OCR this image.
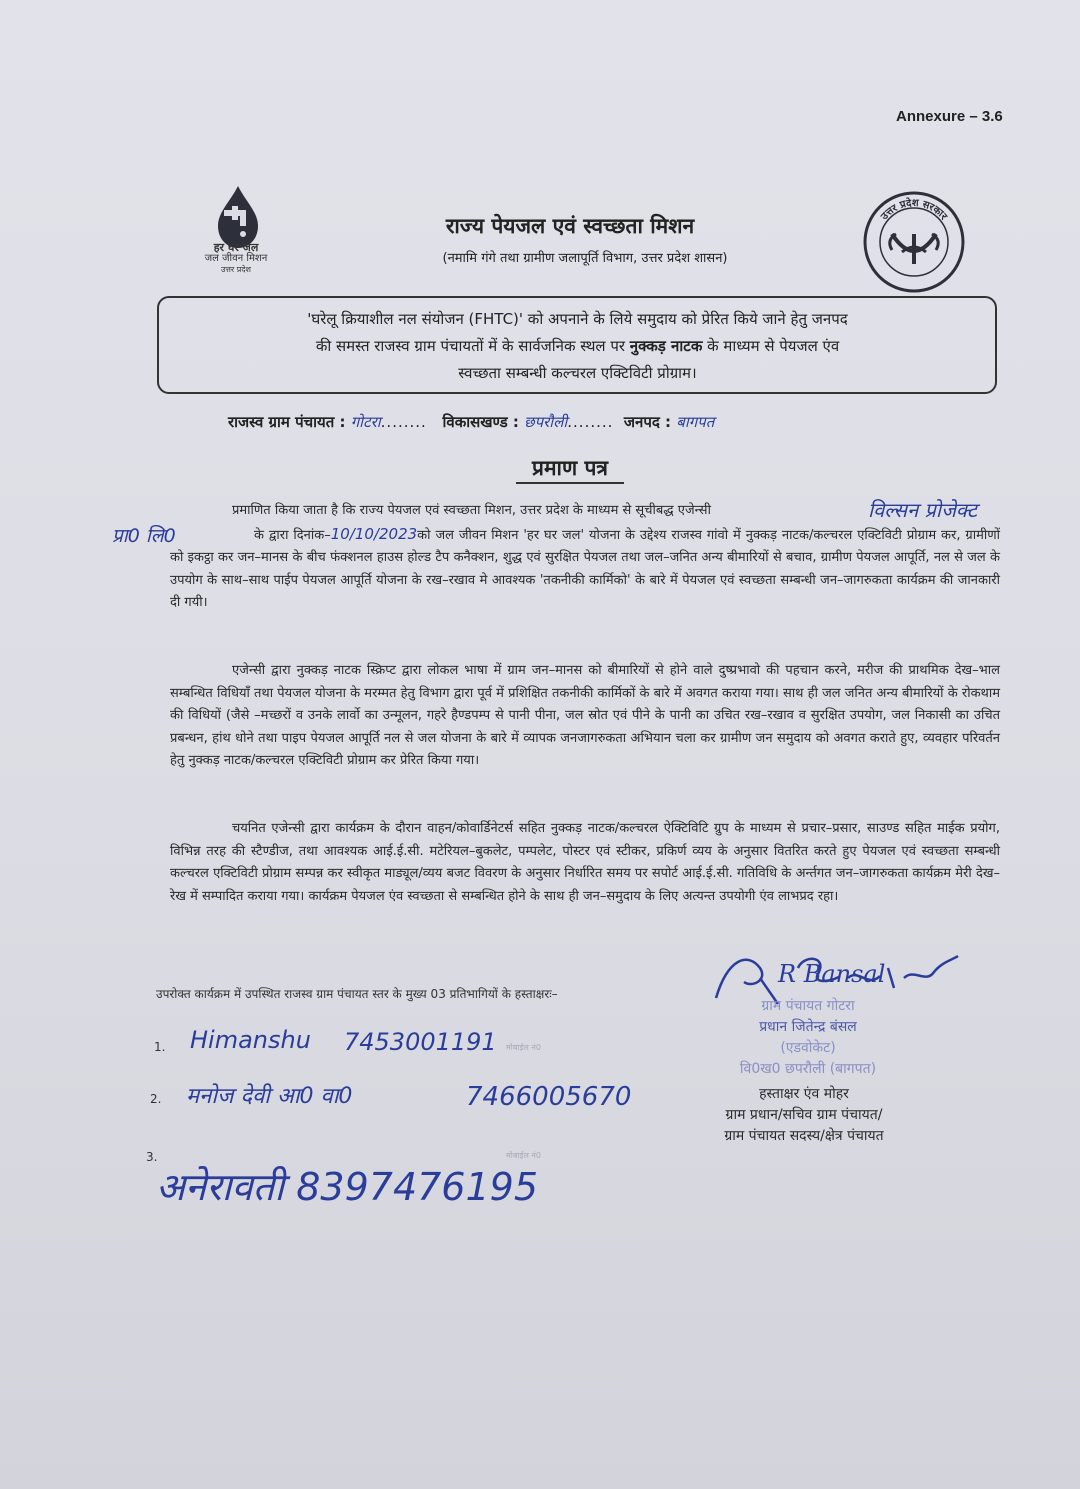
Annexure – 3.6
हर घर जल
जल जीवन मिशन
उत्तर प्रदेश
राज्य पेयजल एवं स्वच्छता मिशन
(नमामि गंगे तथा ग्रामीण जलापूर्ति विभाग, उत्तर प्रदेश शासन)
उत्तर प्रदेश सरकार
'घरेलू क्रियाशील नल संयोजन (FHTC)' को अपनाने के लिये समुदाय को प्रेरित किये जाने हेतु जनपद
की समस्त राजस्व ग्राम पंचायतों में के सार्वजनिक स्थल पर नुक्कड़ नाटक के माध्यम से पेयजल एंव
स्वच्छता सम्बन्धी कल्चरल एक्टिविटी प्रोग्राम।
राजस्व ग्राम पंचायत : गोटरा........ विकासखण्ड : छपरौली........ जनपद : बागपत
प्रमाण पत्र
विल्सन प्रोजेक्ट
प्रा0 लि0
प्रमाणित किया जाता है कि राज्य पेयजल एवं स्वच्छता मिशन, उत्तर प्रदेश के माध्यम से सूचीबद्ध एजेन्सी
के द्वारा दिनांक–10/10/2023को जल जीवन मिशन 'हर घर जल' योजना के उद्देश्य राजस्व गांवो में नुक्कड़ नाटक/कल्चरल एक्टिविटी प्रोग्राम कर, ग्रामीणों को इकट्ठा कर जन–मानस के बीच फंक्शनल हाउस होल्ड टैप कनैक्शन, शुद्ध एवं सुरक्षित पेयजल तथा जल–जनित अन्य बीमारियों से बचाव, ग्रामीण पेयजल आपूर्ति, नल से जल के उपयोग के साथ–साथ पाईप पेयजल आपूर्ति योजना के रख–रखाव मे आवश्यक 'तकनीकी कार्मिको' के बारे में पेयजल एवं स्वच्छता सम्बन्धी जन–जागरुकता कार्यक्रम की जानकारी दी गयी।
एजेन्सी द्वारा नुक्कड़ नाटक स्क्रिप्ट द्वारा लोकल भाषा में ग्राम जन–मानस को बीमारियों से होने वाले दुष्प्रभावो की पहचान करने, मरीज की प्राथमिक देख–भाल सम्बन्धित विधियाँ तथा पेयजल योजना के मरम्मत हेतु विभाग द्वारा पूर्व में प्रशिक्षित तकनीकी कार्मिकों के बारे में अवगत कराया गया। साथ ही जल जनित अन्य बीमारियों के रोकथाम की विधियों (जैसे –मच्छरों व उनके लार्वो का उन्मूलन, गहरे हैण्डपम्प से पानी पीना, जल स्रोत एवं पीने के पानी का उचित रख–रखाव व सुरक्षित उपयोग, जल निकासी का उचित प्रबन्धन, हांथ धोने तथा पाइप पेयजल आपूर्ति नल से जल योजना के बारे में व्यापक जनजागरुकता अभियान चला कर ग्रामीण जन समुदाय को अवगत कराते हुए, व्यवहार परिवर्तन हेतु नुक्कड़ नाटक/कल्चरल एक्टिविटी प्रोग्राम कर प्रेरित किया गया।
चयनित एजेन्सी द्वारा कार्यक्रम के दौरान वाहन/कोवार्डिनेटर्स सहित नुक्कड़ नाटक/कल्चरल ऐक्टिविटि ग्रुप के माध्यम से प्रचार–प्रसार, साउण्ड सहित माईक प्रयोग, विभिन्न तरह की स्टैण्डीज, तथा आवश्यक आई.ई.सी. मटेरियल–बुकलेट, पम्पलेट, पोस्टर एवं स्टीकर, प्रकिर्ण व्यय के अनुसार वितरित करते हुए पेयजल एवं स्वच्छता सम्बन्धी कल्चरल एक्टिविटी प्रोग्राम सम्पन्न कर स्वीकृत माड्यूल/व्यय बजट विवरण के अनुसार निर्धारित समय पर सपोर्ट आई.ई.सी. गतिविधि के अर्न्तगत जन–जागरुकता कार्यक्रम मेरी देख–रेख में सम्पादित कराया गया। कार्यक्रम पेयजल एंव स्वच्छता से सम्बन्धित होने के साथ ही जन–समुदाय के लिए अत्यन्त उपयोगी एंव लाभप्रद रहा।
उपरोक्त कार्यक्रम में उपस्थित राजस्व ग्राम पंचायत स्तर के मुख्य 03 प्रतिभागियों के हस्ताक्षरः–
1. Himanshu 7453001191 मोबाईल नं0
2. मनोज देवी आ0 वा0	7466005670
3.	मोबाईल नं0
अनेरावती 8397476195
R Bansal
ग्राम पंचायत गोटरा
प्रधान जितेन्द्र बंसल
(एडवोकेट)
वि0ख0 छपरौली (बागपत)
हस्ताक्षर एंव मोहर
ग्राम प्रधान/सचिव ग्राम पंचायत/
ग्राम पंचायत सदस्य/क्षेत्र पंचायत
